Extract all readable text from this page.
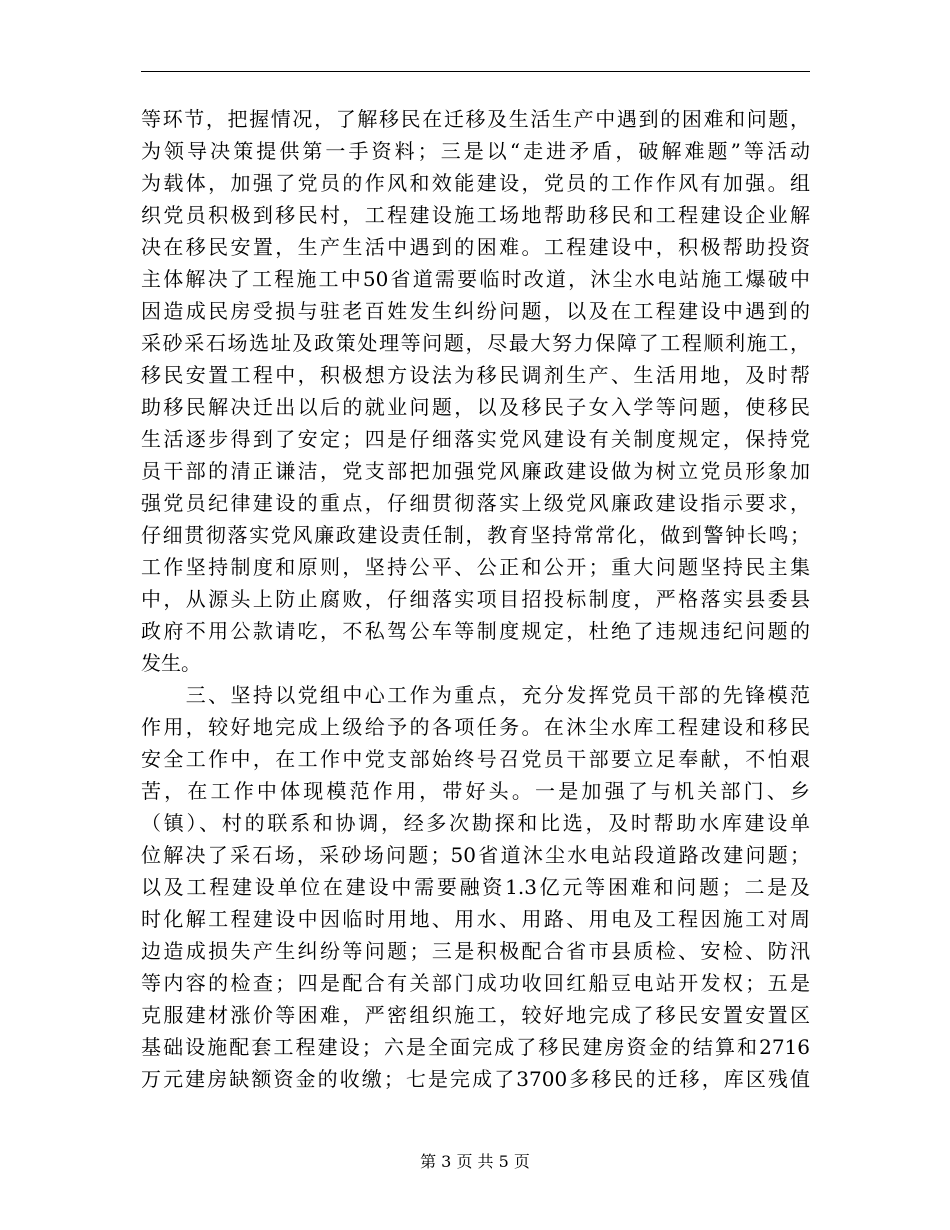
等环节，把握情况，了解移民在迁移及生活生产中遇到的困难和问题，
为领导决策提供第一手资料；三是以“走进矛盾，破解难题”等活动
为载体，加强了党员的作风和效能建设，党员的工作作风有加强。组
织党员积极到移民村，工程建设施工场地帮助移民和工程建设企业解
决在移民安置，生产生活中遇到的困难。工程建设中，积极帮助投资
主体解决了工程施工中50省道需要临时改道，沐尘水电站施工爆破中
因造成民房受损与驻老百姓发生纠纷问题，以及在工程建设中遇到的
采砂采石场选址及政策处理等问题，尽最大努力保障了工程顺利施工，
移民安置工程中，积极想方设法为移民调剂生产、生活用地，及时帮
助移民解决迁出以后的就业问题，以及移民子女入学等问题，使移民
生活逐步得到了安定；四是仔细落实党风建设有关制度规定，保持党
员干部的清正谦洁，党支部把加强党风廉政建设做为树立党员形象加
强党员纪律建设的重点，仔细贯彻落实上级党风廉政建设指示要求，
仔细贯彻落实党风廉政建设责任制，教育坚持常常化，做到警钟长鸣；
工作坚持制度和原则，坚持公平、公正和公开；重大问题坚持民主集
中，从源头上防止腐败，仔细落实项目招投标制度，严格落实县委县
政府不用公款请吃，不私驾公车等制度规定，杜绝了违规违纪问题的
发生。
　　三、坚持以党组中心工作为重点，充分发挥党员干部的先锋模范
作用，较好地完成上级给予的各项任务。在沐尘水库工程建设和移民
安全工作中，在工作中党支部始终号召党员干部要立足奉献，不怕艰
苦，在工作中体现模范作用，带好头。一是加强了与机关部门、乡
（镇）、村的联系和协调，经多次勘探和比选，及时帮助水库建设单
位解决了采石场，采砂场问题；50省道沐尘水电站段道路改建问题；
以及工程建设单位在建设中需要融资1.3亿元等困难和问题；二是及
时化解工程建设中因临时用地、用水、用路、用电及工程因施工对周
边造成损失产生纠纷等问题；三是积极配合省市县质检、安检、防汛
等内容的检查；四是配合有关部门成功收回红船豆电站开发权；五是
克服建材涨价等困难，严密组织施工，较好地完成了移民安置安置区
基础设施配套工程建设；六是全面完成了移民建房资金的结算和2716
万元建房缺额资金的收缴；七是完成了3700多移民的迁移，库区残值
第 3 页 共 5 页
